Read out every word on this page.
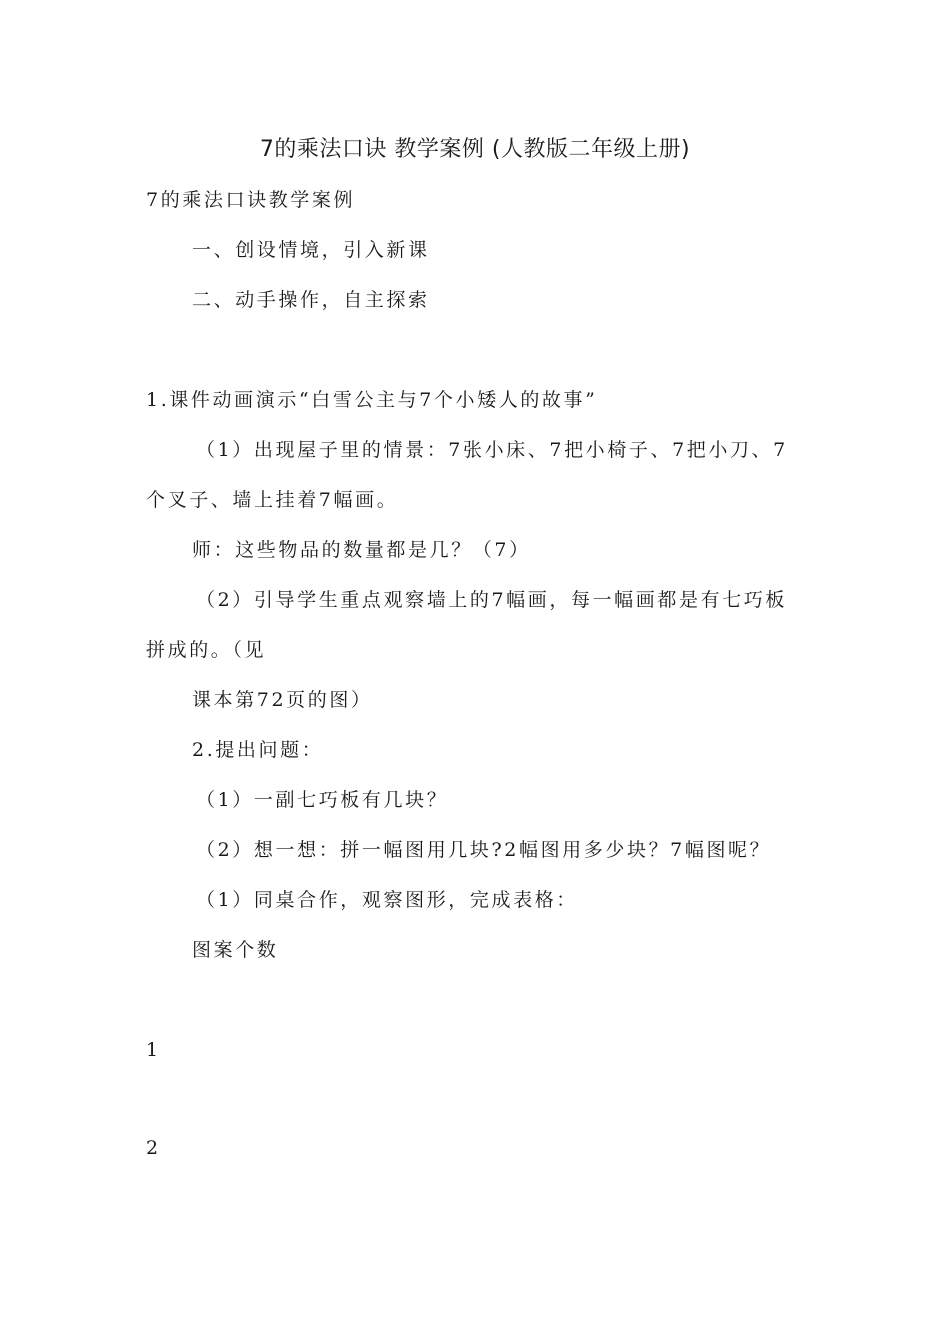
7的乘法口诀 教学案例 (人教版二年级上册)
7的乘法口诀教学案例
一、创设情境，引入新课
二、动手操作，自主探索
1.课件动画演示“白雪公主与7个小矮人的故事”
（1）出现屋子里的情景：7张小床、7把小椅子、7把小刀、7
个叉子、墙上挂着7幅画。
师：这些物品的数量都是几？（7）
（2）引导学生重点观察墙上的7幅画，每一幅画都是有七巧板
拼成的。（见
课本第72页的图）
2.提出问题：
（1）一副七巧板有几块？
（2）想一想：拼一幅图用几块?2幅图用多少块？7幅图呢？
（1）同桌合作，观察图形，完成表格：
图案个数
1
2
